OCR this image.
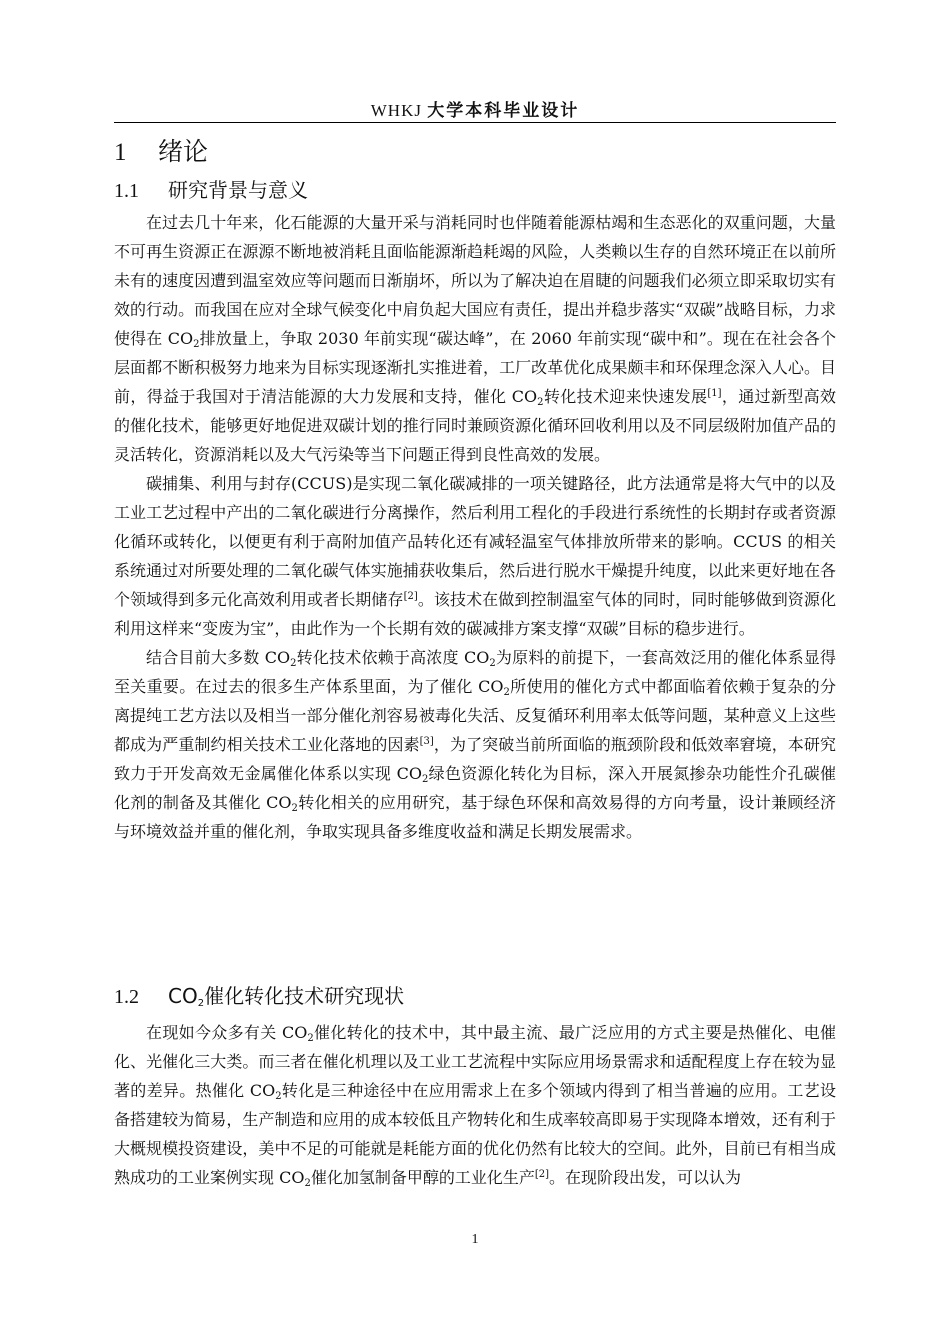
WHKJ 大学本科毕业设计
1 绪论
1.1 研究背景与意义

在过去几十年来，化石能源的大量开采与消耗同时也伴随着能源枯竭和生态恶化的双重问题，大量不可再生资源正在源源不断地被消耗且面临能源渐趋耗竭的风险，人类赖以生存的自然环境正在以前所未有的速度因遭到温室效应等问题而日渐崩坏，所以为了解决迫在眉睫的问题我们必须立即采取切实有效的行动。而我国在应对全球气候变化中肩负起大国应有责任，提出并稳步落实“双碳”战略目标，力求使得在 $CO_2$排放量上，争取 2030 年前实现“碳达峰”，在 2060 年前实现“碳中和”。现在在社会各个层面都不断积极努力地来为目标实现逐渐扎实推进着，工厂改革优化成果颇丰和环保理念深入人心。目前，得益于我国对于清洁能源的大力发展和支持，催化 $CO_2$转化技术迎来快速发展[1]，通过新型高效的催化技术，能够更好地促进双碳计划的推行同时兼顾资源化循环回收利用以及不同层级附加值产品的灵活转化，资源消耗以及大气污染等当下问题正得到良性高效的发展。

碳捕集、利用与封存(CCUS)是实现二氧化碳减排的一项关键路径，此方法通常是将大气中的以及工业工艺过程中产出的二氧化碳进行分离操作，然后利用工程化的手段进行系统性的长期封存或者资源化循环或转化，以便更有利于高附加值产品转化还有减轻温室气体排放所带来的影响。CCUS 的相关系统通过对所要处理的二氧化碳气体实施捕获收集后，然后进行脱水干燥提升纯度，以此来更好地在各个领域得到多元化高效利用或者长期储存[2]。该技术在做到控制温室气体的同时，同时能够做到资源化利用这样来“变废为宝”，由此作为一个长期有效的碳减排方案支撑“双碳”目标的稳步进行。

结合目前大多数 $CO_2$转化技术依赖于高浓度 $CO_2$为原料的前提下，一套高效泛用的催化体系显得至关重要。在过去的很多生产体系里面，为了催化 $CO_2$所使用的催化方式中都面临着依赖于复杂的分离提纯工艺方法以及相当一部分催化剂容易被毒化失活、反复循环利用率太低等问题，某种意义上这些都成为严重制约相关技术工业化落地的因素[3]，为了突破当前所面临的瓶颈阶段和低效率窘境，本研究致力于开发高效无金属催化体系以实现 $CO_2$绿色资源化转化为目标，深入开展氮掺杂功能性介孔碳催化剂的制备及其催化 $CO_2$转化相关的应用研究，基于绿色环保和高效易得的方向考量，设计兼顾经济与环境效益并重的催化剂，争取实现具备多维度收益和满足长期发展需求。

1.2 $CO_2$催化转化技术研究现状

在现如今众多有关 $CO_2$催化转化的技术中，其中最主流、最广泛应用的方式主要是热催化、电催化、光催化三大类。而三者在催化机理以及工业工艺流程中实际应用场景需求和适配程度上存在较为显著的差异。热催化 $CO_2$转化是三种途径中在应用需求上在多个领域内得到了相当普遍的应用。工艺设备搭建较为简易，生产制造和应用的成本较低且产物转化和生成率较高即易于实现降本增效，还有利于大概规模投资建设，美中不足的可能就是耗能方面的优化仍然有比较大的空间。此外，目前已有相当成熟成功的工业案例实现 $CO_2$催化加氢制备甲醇的工业化生产[2]。在现阶段出发，可以认为

1
